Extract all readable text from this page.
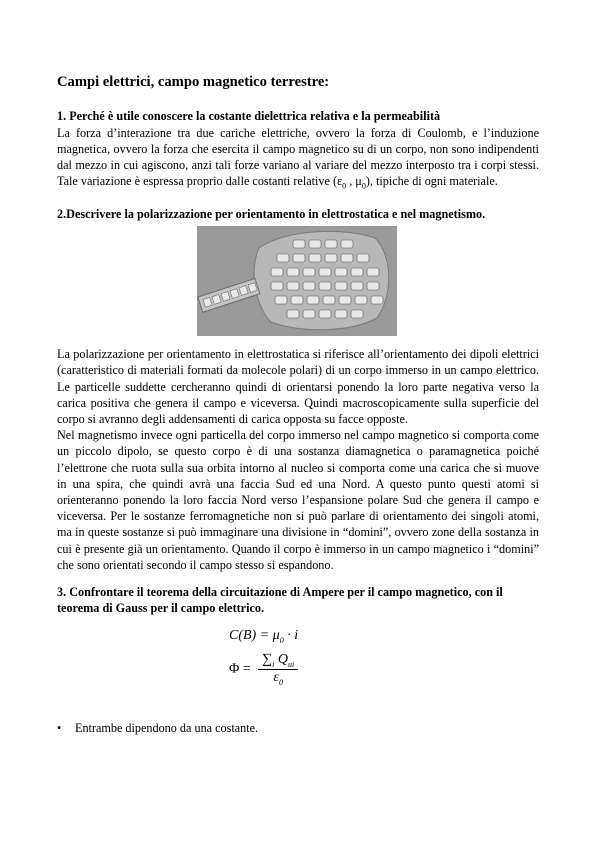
Campi elettrici, campo magnetico terrestre:
1. Perché è utile conoscere la costante dielettrica relativa e la permeabilità

La forza d’interazione tra due cariche elettriche, ovvero la forza di Coulomb, e l’induzione magnetica, ovvero la forza che esercita il campo magnetico su di un corpo, non sono indipendenti dal mezzo in cui agiscono, anzi tali forze variano al variare del mezzo interposto tra i corpi stessi. Tale variazione è espressa proprio dalle costanti relative ($\varepsilon_0$ , $\mu_0$), tipiche di ogni materiale.

2.Descrivere la polarizzazione per orientamento in elettrostatica e nel magnetismo.

La polarizzazione per orientamento in elettrostatica si riferisce all’orientamento dei dipoli elettrici (caratteristico di materiali formati da molecole polari) di un corpo immerso in un campo elettrico. Le particelle suddette cercheranno quindi di orientarsi ponendo la loro parte negativa verso la carica positiva che genera il campo e viceversa. Quindi macroscopicamente sulla superficie del corpo si avranno degli addensamenti di carica opposta su facce opposte.

Nel magnetismo invece ogni particella del corpo immerso nel campo magnetico si comporta come un piccolo dipolo, se questo corpo è di una sostanza diamagnetica o paramagnetica poiché l’elettrone che ruota sulla sua orbita intorno al nucleo si comporta come una carica che si muove in una spira, che quindi avrà una faccia Sud ed una Nord. A questo punto questi atomi si orienteranno ponendo la loro faccia Nord verso l’espansione polare Sud che genera il campo e viceversa. Per le sostanze ferromagnetiche non si può parlare di orientamento dei singoli atomi, ma in queste sostanze si può immaginare una divisione in “domini”, ovvero zone della sostanza in cui è presente già un orientamento. Quando il corpo è immerso in un campo magnetico i “domini” che sono orientati secondo il campo stesso si espandono.

3. Confrontare il teorema della circuitazione di Ampere per il campo magnetico, con il teorema di Gauss per il campo elettrico.
$C(B) = \mu_0 \cdot i$
Φ =
$\sum_i$ $Q_{ui}$
$\varepsilon_0$
•	Entrambe dipendono da una costante.
